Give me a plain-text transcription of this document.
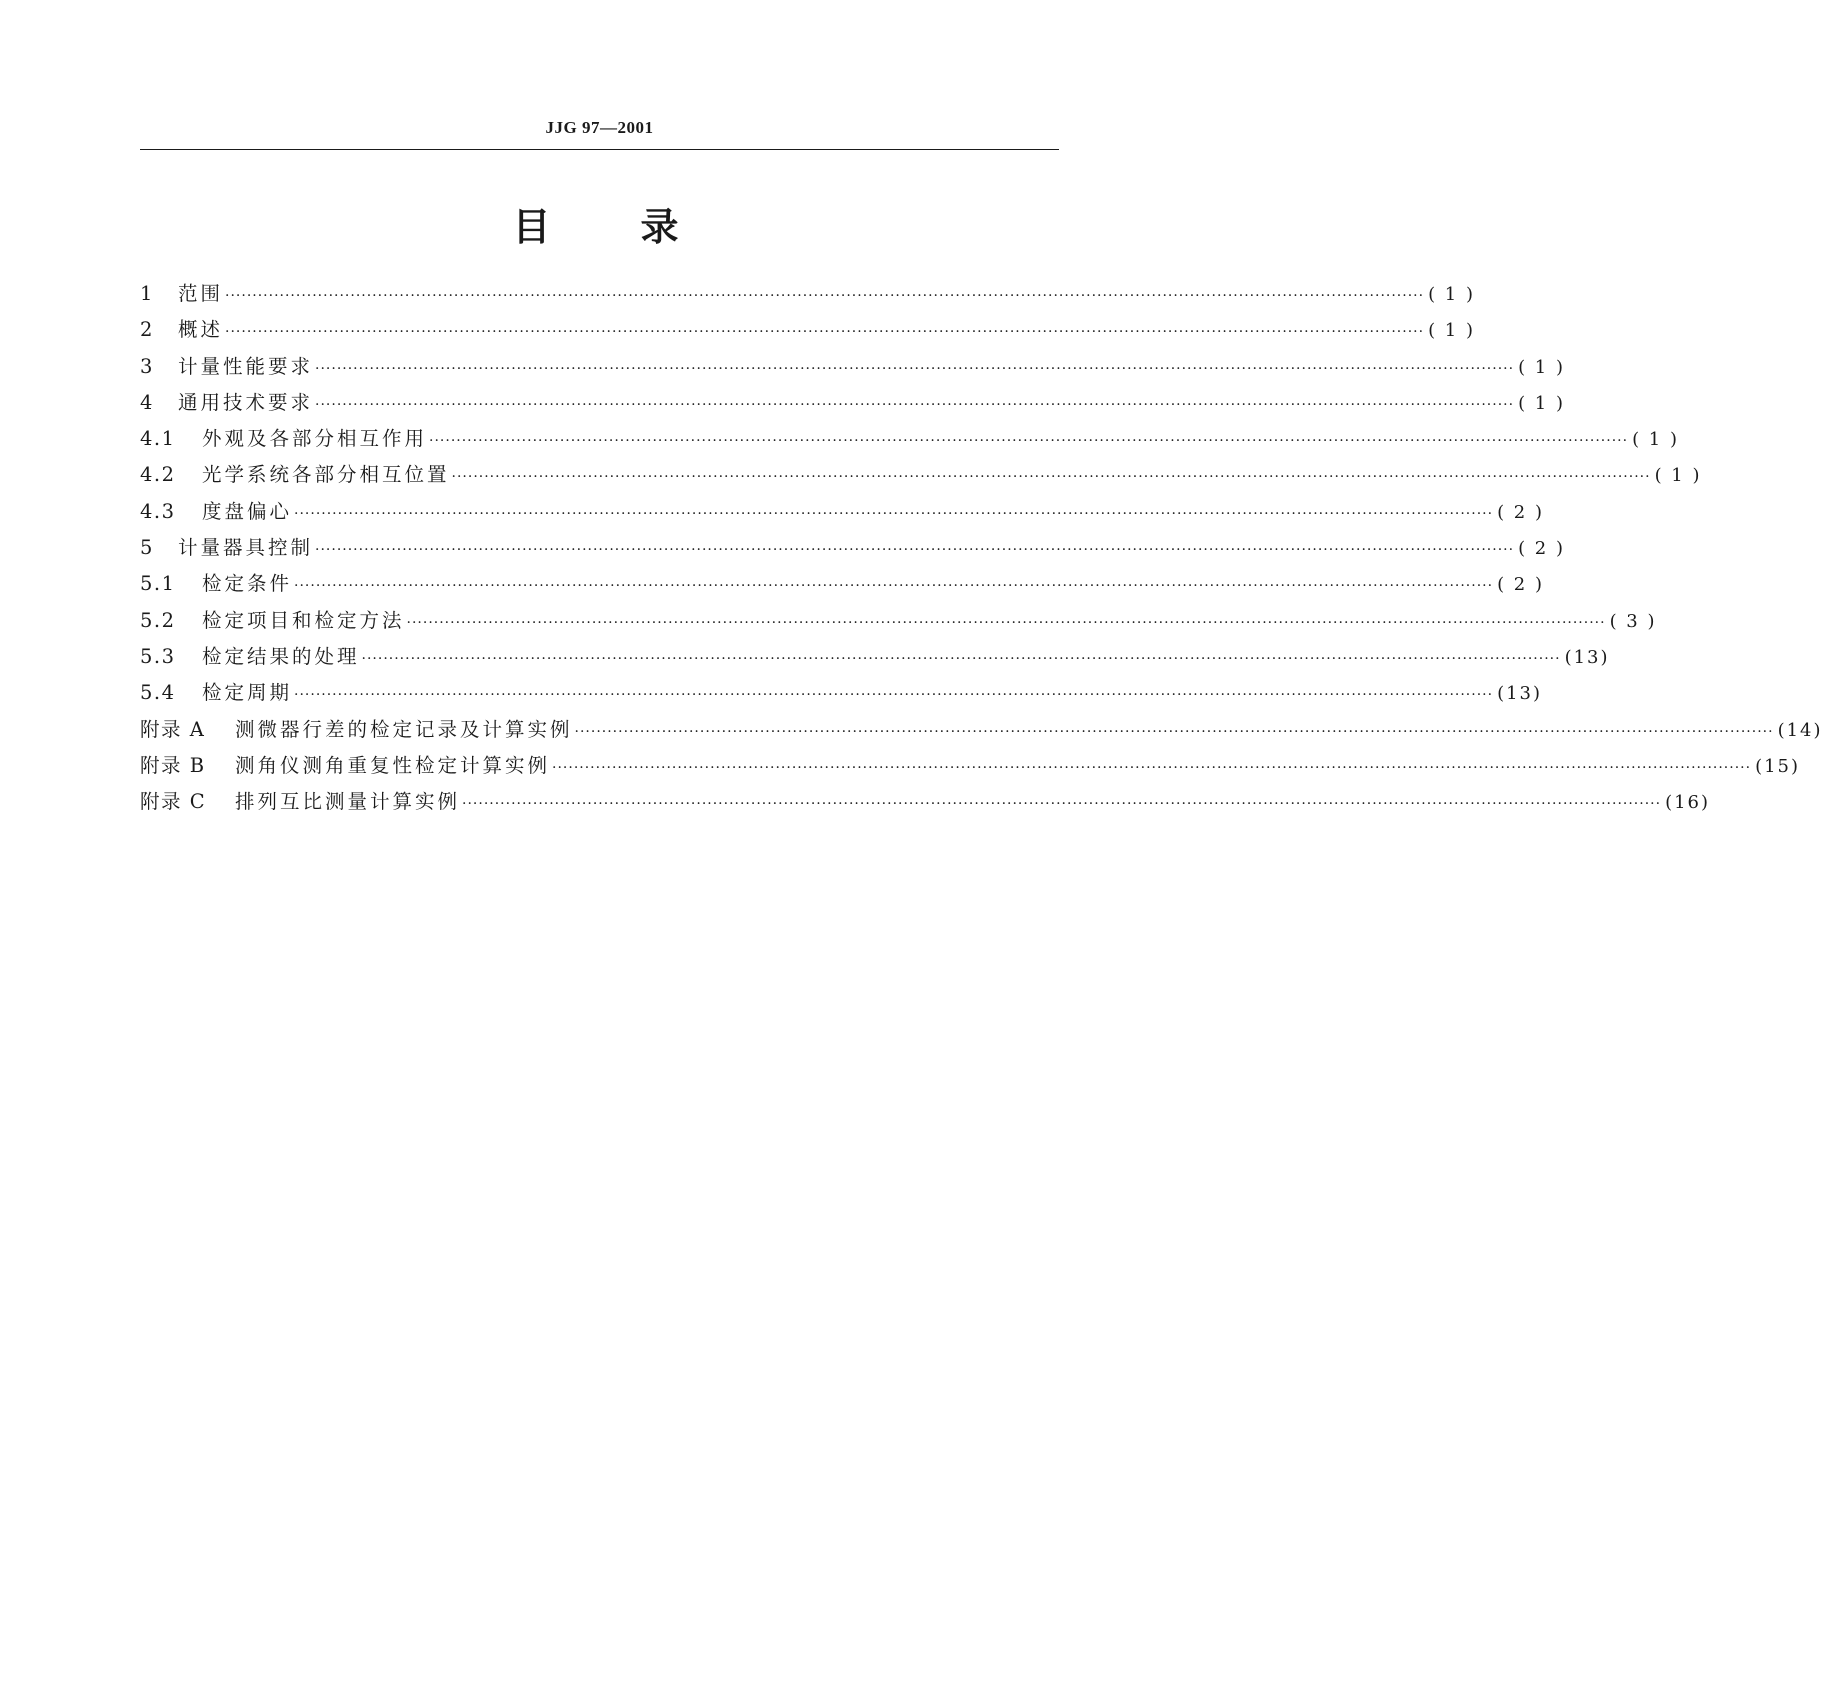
JJG 97—2001
目 录
1	范围 ···························································································································································································································· ( 1 )
2	概述 ···························································································································································································································· ( 1 )
3	计量性能要求 ···························································································································································································································· ( 1 )
4	通用技术要求 ···························································································································································································································· ( 1 )
4.1	外观及各部分相互作用 ···························································································································································································································· ( 1 )
4.2	光学系统各部分相互位置 ···························································································································································································································· ( 1 )
4.3	度盘偏心 ···························································································································································································································· ( 2 )
5	计量器具控制 ···························································································································································································································· ( 2 )
5.1	检定条件 ···························································································································································································································· ( 2 )
5.2	检定项目和检定方法 ···························································································································································································································· ( 3 )
5.3	检定结果的处理 ···························································································································································································································· (13)
5.4	检定周期 ···························································································································································································································· (13)
附录 A	测微器行差的检定记录及计算实例 ···························································································································································································································· (14)
附录 B	测角仪测角重复性检定计算实例 ···························································································································································································································· (15)
附录 C	排列互比测量计算实例 ···························································································································································································································· (16)
